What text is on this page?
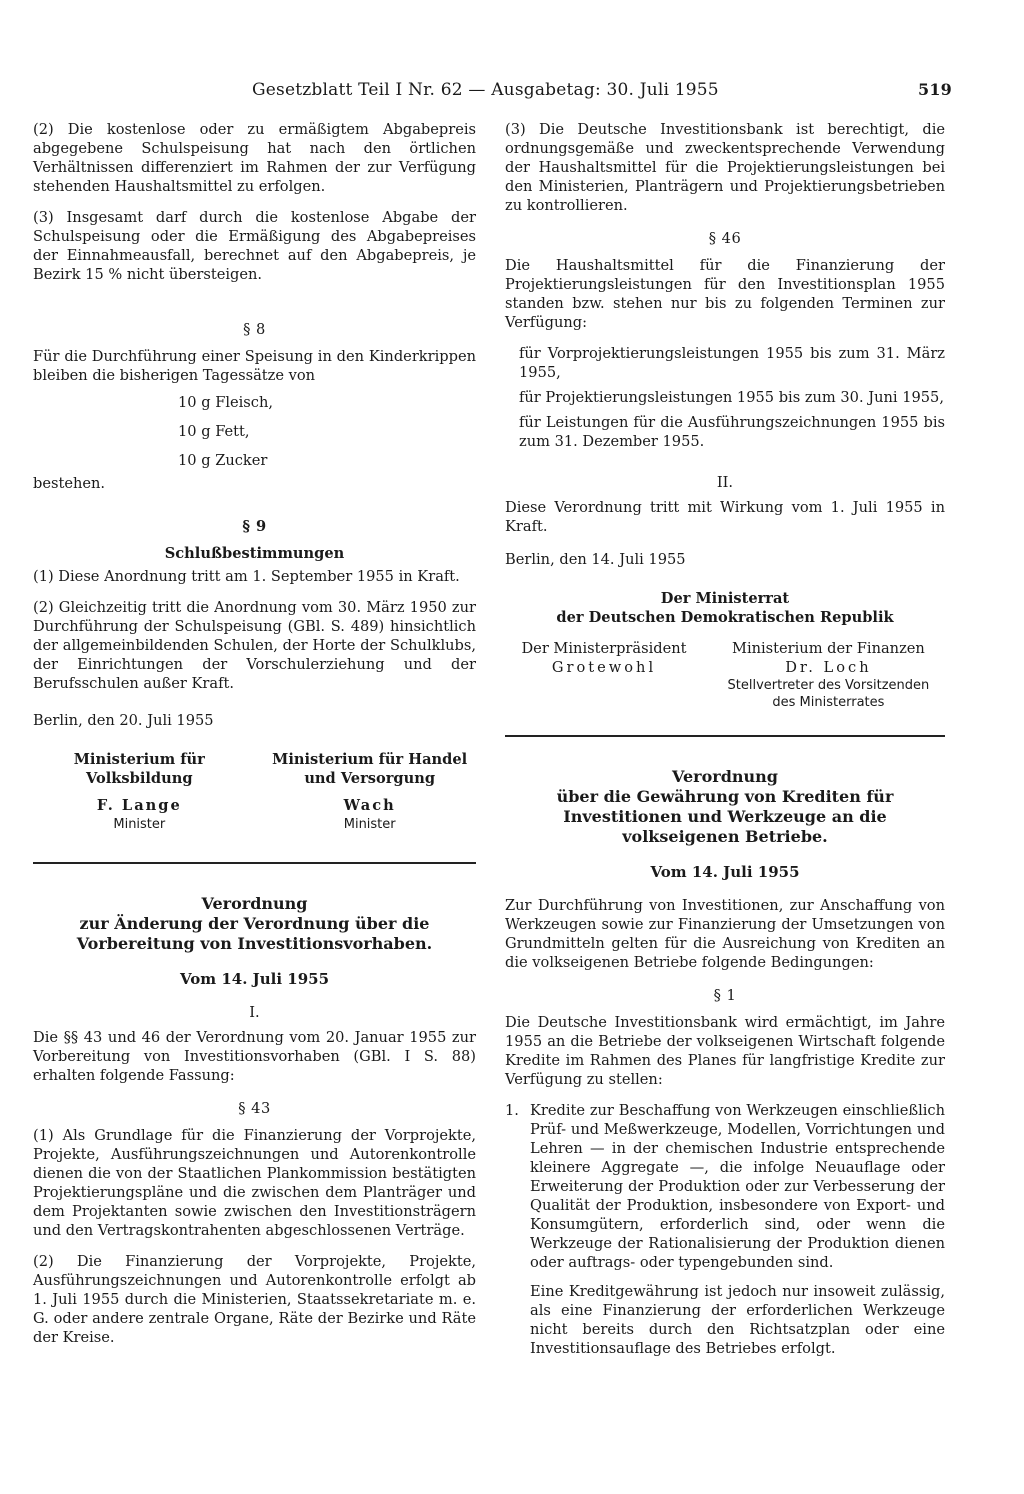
Gesetzblatt Teil I Nr. 62 — Ausgabetag: 30. Juli 1955	519

(2) Die kostenlose oder zu ermäßigtem Abgabepreis abgegebene Schulspeisung hat nach den örtlichen Verhältnissen differenziert im Rahmen der zur Verfügung stehenden Haushaltsmittel zu erfolgen.

(3) Insgesamt darf durch die kostenlose Abgabe der Schulspeisung oder die Ermäßigung des Abgabepreises der Einnahmeausfall, berechnet auf den Abgabepreis, je Bezirk 15 % nicht übersteigen.

§ 8

Für die Durchführung einer Speisung in den Kinderkrippen bleiben die bisherigen Tagessätze von

10 g Fleisch,
10 g Fett,
10 g Zucker

bestehen.

§ 9
Schlußbestimmungen

(1) Diese Anordnung tritt am 1. September 1955 in Kraft.

(2) Gleichzeitig tritt die Anordnung vom 30. März 1950 zur Durchführung der Schulspeisung (GBl. S. 489) hinsichtlich der allgemeinbildenden Schulen, der Horte der Schulklubs, der Einrichtungen der Vorschulerziehung und der Berufsschulen außer Kraft.

Berlin, den 20. Juli 1955

Ministerium für Volksbildung
F. Lange
Minister
Ministerium für Handel und Versorgung
Wach
Minister
Verordnung
zur Änderung der Verordnung über die Vorbereitung von Investitionsvorhaben.
Vom 14. Juli 1955
I.

Die §§ 43 und 46 der Verordnung vom 20. Januar 1955 zur Vorbereitung von Investitionsvorhaben (GBl. I S. 88) erhalten folgende Fassung:

§ 43

(1) Als Grundlage für die Finanzierung der Vorprojekte, Projekte, Ausführungszeichnungen und Autorenkontrolle dienen die von der Staatlichen Plankommission bestätigten Projektierungspläne und die zwischen dem Planträger und dem Projektanten sowie zwischen den Investitionsträgern und den Vertragskontrahenten abgeschlossenen Verträge.

(2) Die Finanzierung der Vorprojekte, Projekte, Ausführungszeichnungen und Autorenkontrolle erfolgt ab 1. Juli 1955 durch die Ministerien, Staatssekretariate m. e. G. oder andere zentrale Organe, Räte der Bezirke und Räte der Kreise.

(3) Die Deutsche Investitionsbank ist berechtigt, die ordnungsgemäße und zweckentsprechende Verwendung der Haushaltsmittel für die Projektierungsleistungen bei den Ministerien, Planträgern und Projektierungsbetrieben zu kontrollieren.

§ 46

Die Haushaltsmittel für die Finanzierung der Projektierungsleistungen für den Investitionsplan 1955 standen bzw. stehen nur bis zu folgenden Terminen zur Verfügung:

für Vorprojektierungsleistungen 1955 bis zum 31. März 1955,

für Projektierungsleistungen 1955 bis zum 30. Juni 1955,

für Leistungen für die Ausführungszeichnungen 1955 bis zum 31. Dezember 1955.

II.

Diese Verordnung tritt mit Wirkung vom 1. Juli 1955 in Kraft.

Berlin, den 14. Juli 1955

Der Ministerrat
der Deutschen Demokratischen Republik
Der Ministerpräsident
Grotewohl
Ministerium der Finanzen
Dr. Loch
Stellvertreter des Vorsitzenden
des Ministerrates
Verordnung
über die Gewährung von Krediten für Investitionen und Werkzeuge an die volkseigenen Betriebe.
Vom 14. Juli 1955

Zur Durchführung von Investitionen, zur Anschaffung von Werkzeugen sowie zur Finanzierung der Umsetzungen von Grundmitteln gelten für die Ausreichung von Krediten an die volkseigenen Betriebe folgende Bedingungen:

§ 1

Die Deutsche Investitionsbank wird ermächtigt, im Jahre 1955 an die Betriebe der volkseigenen Wirtschaft folgende Kredite im Rahmen des Planes für langfristige Kredite zur Verfügung zu stellen:

1. Kredite zur Beschaffung von Werkzeugen einschließlich Prüf- und Meßwerkzeuge, Modellen, Vorrichtungen und Lehren — in der chemischen Industrie entsprechende kleinere Aggregate —, die infolge Neuauflage oder Erweiterung der Produktion oder zur Verbesserung der Qualität der Produktion, insbesondere von Export- und Konsumgütern, erforderlich sind, oder wenn die Werkzeuge der Rationalisierung der Produktion dienen oder auftrags- oder typengebunden sind.

Eine Kreditgewährung ist jedoch nur insoweit zulässig, als eine Finanzierung der erforderlichen Werkzeuge nicht bereits durch den Richtsatzplan oder eine Investitionsauflage des Betriebes erfolgt.
